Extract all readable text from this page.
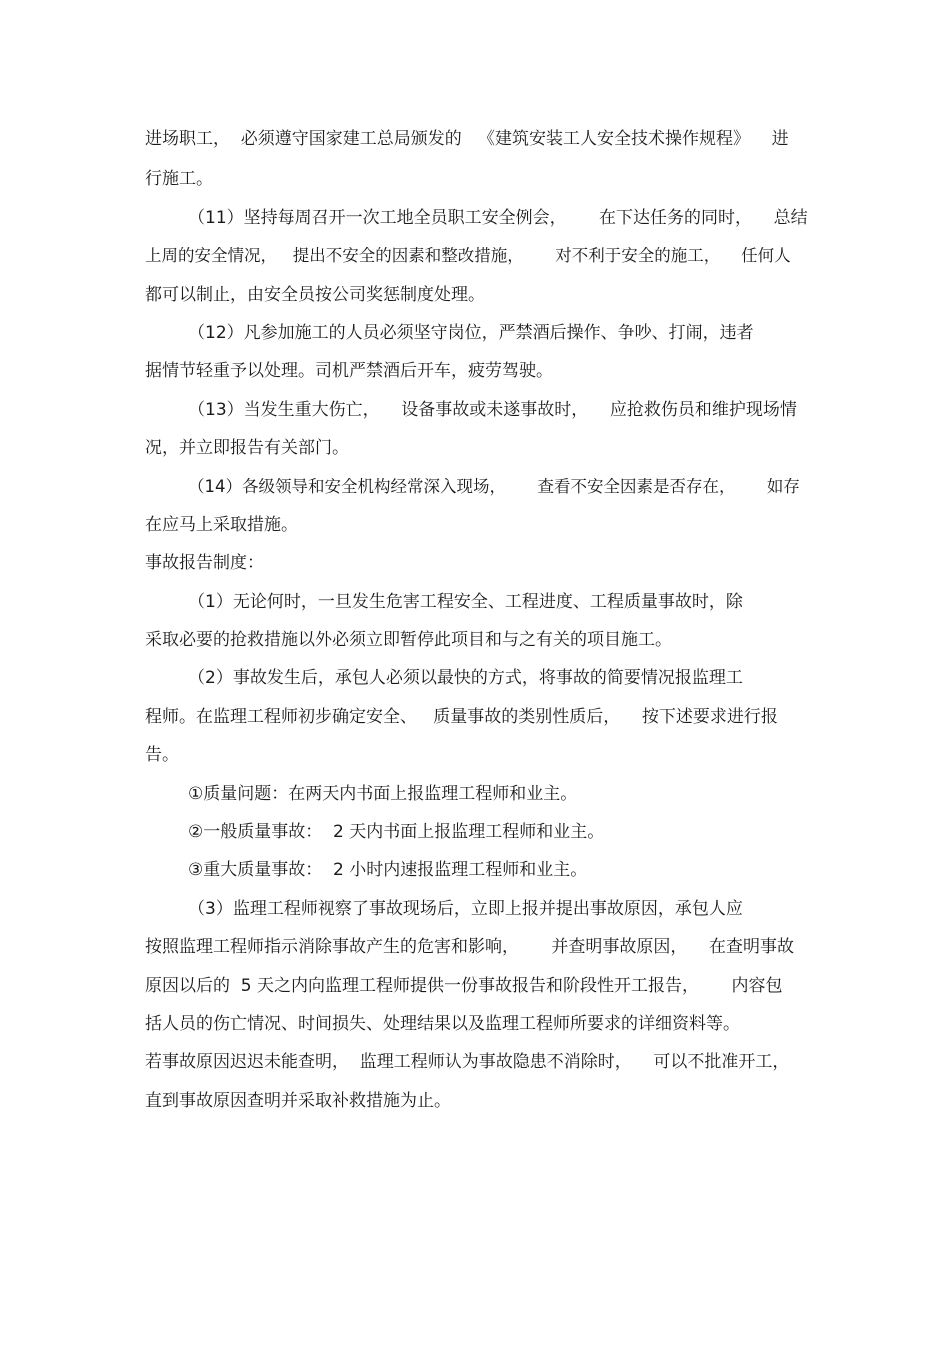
进场职工，  必须遵守国家建工总局颁发的   《建筑安装工人安全技术操作规程》    进

行施工。

（11）坚持每周召开一次工地全员职工安全例会，      在下达任务的同时，    总结

上周的安全情况，   提出不安全的因素和整改措施，      对不利于安全的施工，    任何人

都可以制止，由安全员按公司奖惩制度处理。

（12）凡参加施工的人员必须坚守岗位，严禁酒后操作、争吵、打闹，违者

据情节轻重予以处理。司机严禁酒后开车，疲劳驾驶。

（13）当发生重大伤亡，    设备事故或未遂事故时，    应抢救伤员和维护现场情

况，并立即报告有关部门。

（14）各级领导和安全机构经常深入现场，      查看不安全因素是否存在，      如存

在应马上采取措施。

事故报告制度：

（1）无论何时，一旦发生危害工程安全、工程进度、工程质量事故时，除

采取必要的抢救措施以外必须立即暂停此项目和与之有关的项目施工。

（2）事故发生后，承包人必须以最快的方式，将事故的简要情况报监理工

程师。在监理工程师初步确定安全、   质量事故的类别性质后，    按下述要求进行报

告。

①质量问题：在两天内书面上报监理工程师和业主。

②一般质量事故：  2 天内书面上报监理工程师和业主。

③重大质量事故：  2 小时内速报监理工程师和业主。

（3）监理工程师视察了事故现场后，立即上报并提出事故原因，承包人应

按照监理工程师指示消除事故产生的危害和影响，      并查明事故原因，    在查明事故

原因以后的  5 天之内向监理工程师提供一份事故报告和阶段性开工报告，      内容包

括人员的伤亡情况、时间损失、处理结果以及监理工程师所要求的详细资料等。

若事故原因迟迟未能查明，  监理工程师认为事故隐患不消除时，    可以不批准开工，

直到事故原因查明并采取补救措施为止。
